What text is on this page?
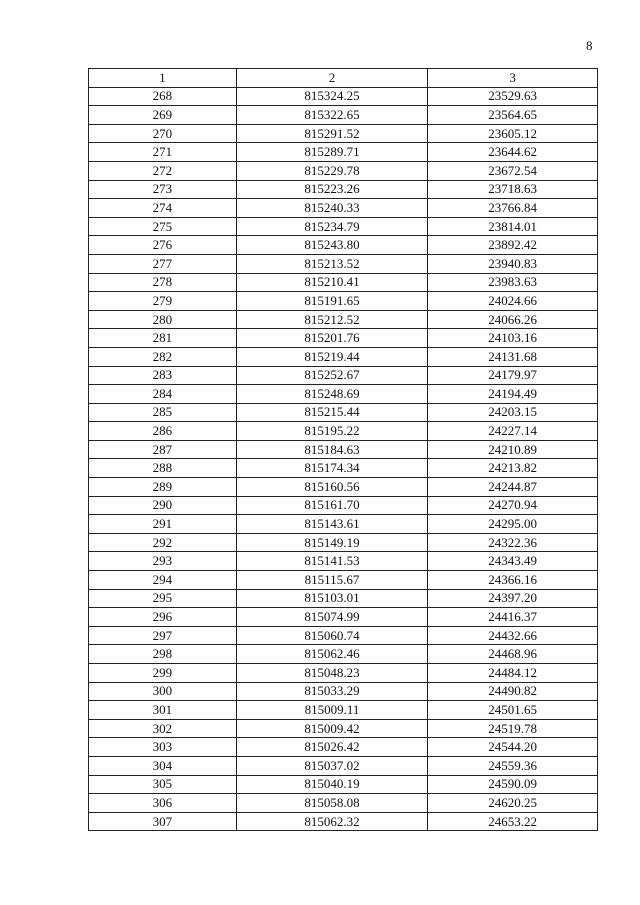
8
1	2	3
268	815324.25	23529.63
269	815322.65	23564.65
270	815291.52	23605.12
271	815289.71	23644.62
272	815229.78	23672.54
273	815223.26	23718.63
274	815240.33	23766.84
275	815234.79	23814.01
276	815243.80	23892.42
277	815213.52	23940.83
278	815210.41	23983.63
279	815191.65	24024.66
280	815212.52	24066.26
281	815201.76	24103.16
282	815219.44	24131.68
283	815252.67	24179.97
284	815248.69	24194.49
285	815215.44	24203.15
286	815195.22	24227.14
287	815184.63	24210.89
288	815174.34	24213.82
289	815160.56	24244.87
290	815161.70	24270.94
291	815143.61	24295.00
292	815149.19	24322.36
293	815141.53	24343.49
294	815115.67	24366.16
295	815103.01	24397.20
296	815074.99	24416.37
297	815060.74	24432.66
298	815062.46	24468.96
299	815048.23	24484.12
300	815033.29	24490.82
301	815009.11	24501.65
302	815009.42	24519.78
303	815026.42	24544.20
304	815037.02	24559.36
305	815040.19	24590.09
306	815058.08	24620.25
307	815062.32	24653.22
